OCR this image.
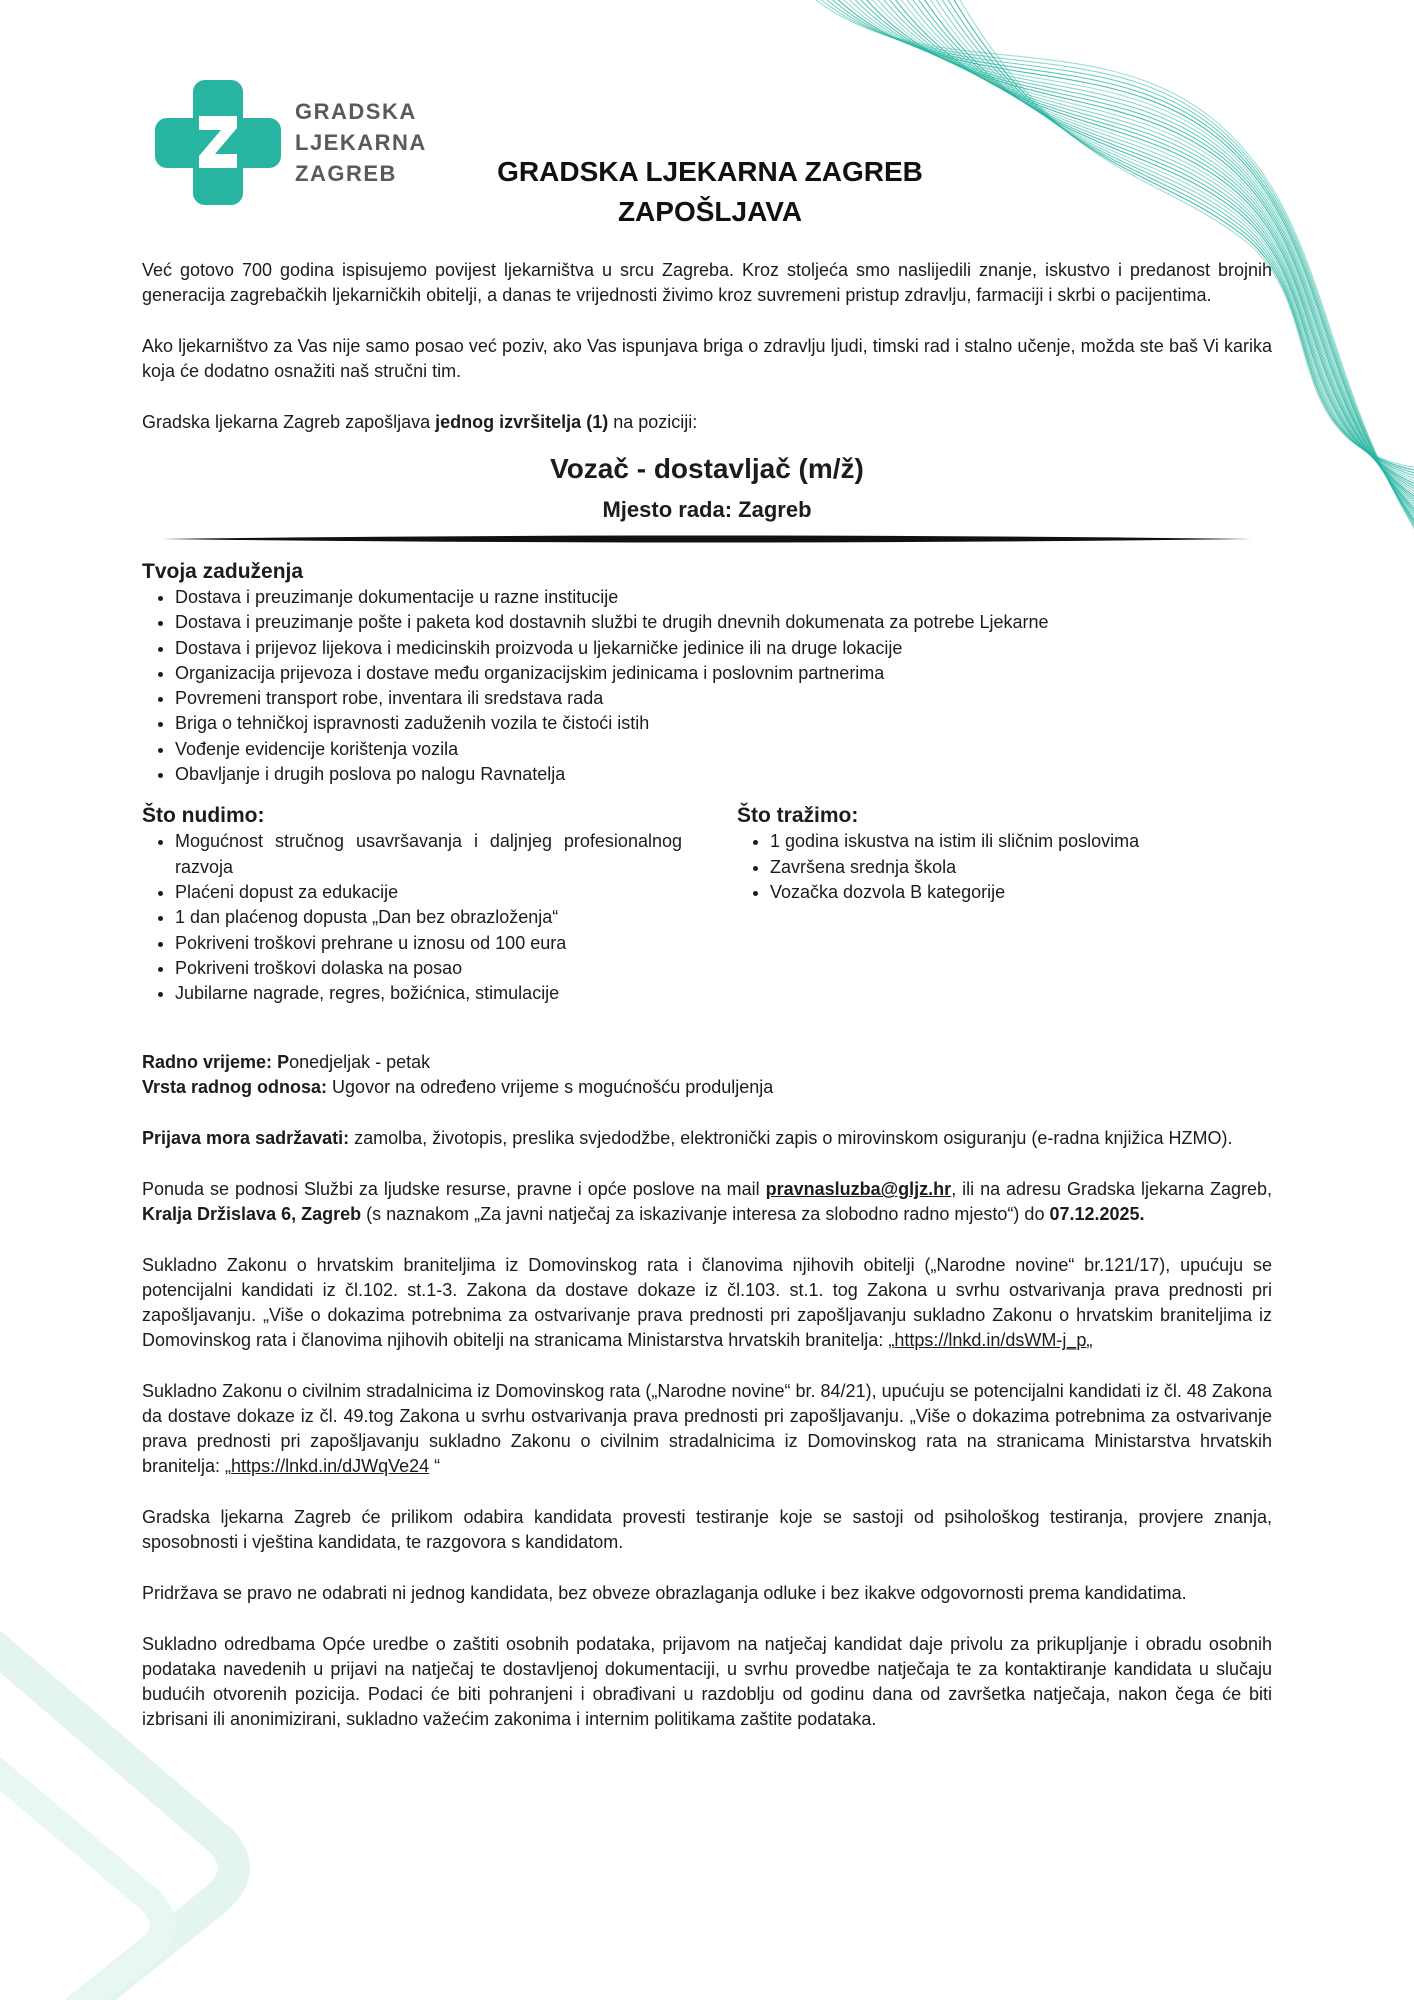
GRADSKA
LJEKARNA
ZAGREB	GRADSKA LJEKARNA ZAGREB
ZAPOŠLJAVA

Već gotovo 700 godina ispisujemo povijest ljekarništva u srcu Zagreba. Kroz stoljeća smo naslijedili znanje, iskustvo i predanost brojnih generacija zagrebačkih ljekarničkih obitelji, a danas te vrijednosti živimo kroz suvremeni pristup zdravlju, farmaciji i skrbi o pacijentima.

Ako ljekarništvo za Vas nije samo posao već poziv, ako Vas ispunjava briga o zdravlju ljudi, timski rad i stalno učenje, možda ste baš Vi karika koja će dodatno osnažiti naš stručni tim.

Gradska ljekarna Zagreb zapošljava jednog izvršitelja (1) na poziciji:

Vozač - dostavljač (m/ž)
Mjesto rada: Zagreb
Tvoja zaduženja
• Dostava i preuzimanje dokumentacije u razne institucije
• Dostava i preuzimanje pošte i paketa kod dostavnih službi te drugih dnevnih dokumenata za potrebe Ljekarne
• Dostava i prijevoz lijekova i medicinskih proizvoda u ljekarničke jedinice ili na druge lokacije
• Organizacija prijevoza i dostave među organizacijskim jedinicama i poslovnim partnerima
• Povremeni transport robe, inventara ili sredstava rada
• Briga o tehničkoj ispravnosti zaduženih vozila te čistoći istih
• Vođenje evidencije korištenja vozila
• Obavljanje i drugih poslova po nalogu Ravnatelja
Što nudimo:
• Mogućnost stručnog usavršavanja i daljnjeg profesionalnog razvoja
• Plaćeni dopust za edukacije
• 1 dan plaćenog dopusta „Dan bez obrazloženja“
• Pokriveni troškovi prehrane u iznosu od 100 eura
• Pokriveni troškovi dolaska na posao
• Jubilarne nagrade, regres, božićnica, stimulacije
Što tražimo:
• 1 godina iskustva na istim ili sličnim poslovima
• Završena srednja škola
• Vozačka dozvola B kategorije

Radno vrijeme: Ponedjeljak - petak
Vrsta radnog odnosa: Ugovor na određeno vrijeme s mogućnošću produljenja

Prijava mora sadržavati: zamolba, životopis, preslika svjedodžbe, elektronički zapis o mirovinskom osiguranju (e-radna knjižica HZMO).

Ponuda se podnosi Službi za ljudske resurse, pravne i opće poslove na mail pravnasluzba@gljz.hr, ili na adresu Gradska ljekarna Zagreb, Kralja Držislava 6, Zagreb (s naznakom „Za javni natječaj za iskazivanje interesa za slobodno radno mjesto“) do 07.12.2025.

Sukladno Zakonu o hrvatskim braniteljima iz Domovinskog rata i članovima njihovih obitelji („Narodne novine“ br.121/17), upućuju se potencijalni kandidati iz čl.102. st.1-3. Zakona da dostave dokaze iz čl.103. st.1. tog Zakona u svrhu ostvarivanja prava prednosti pri zapošljavanju. „Više o dokazima potrebnima za ostvarivanje prava prednosti pri zapošljavanju sukladno Zakonu o hrvatskim braniteljima iz Domovinskog rata i članovima njihovih obitelji na stranicama Ministarstva hrvatskih branitelja: „https://lnkd.in/dsWM-j_p„

Sukladno Zakonu o civilnim stradalnicima iz Domovinskog rata („Narodne novine“ br. 84/21), upućuju se potencijalni kandidati iz čl. 48 Zakona da dostave dokaze iz čl. 49.tog Zakona u svrhu ostvarivanja prava prednosti pri zapošljavanju. „Više o dokazima potrebnima za ostvarivanje prava prednosti pri zapošljavanju sukladno Zakonu o civilnim stradalnicima iz Domovinskog rata na stranicama Ministarstva hrvatskih branitelja: „https://lnkd.in/dJWqVe24 “

Gradska ljekarna Zagreb će prilikom odabira kandidata provesti testiranje koje se sastoji od psihološkog testiranja, provjere znanja, sposobnosti i vještina kandidata, te razgovora s kandidatom.

Pridržava se pravo ne odabrati ni jednog kandidata, bez obveze obrazlaganja odluke i bez ikakve odgovornosti prema kandidatima.

Sukladno odredbama Opće uredbe o zaštiti osobnih podataka, prijavom na natječaj kandidat daje privolu za prikupljanje i obradu osobnih podataka navedenih u prijavi na natječaj te dostavljenoj dokumentaciji, u svrhu provedbe natječaja te za kontaktiranje kandidata u slučaju budućih otvorenih pozicija. Podaci će biti pohranjeni i obrađivani u razdoblju od godinu dana od završetka natječaja, nakon čega će biti izbrisani ili anonimizirani, sukladno važećim zakonima i internim politikama zaštite podataka.
